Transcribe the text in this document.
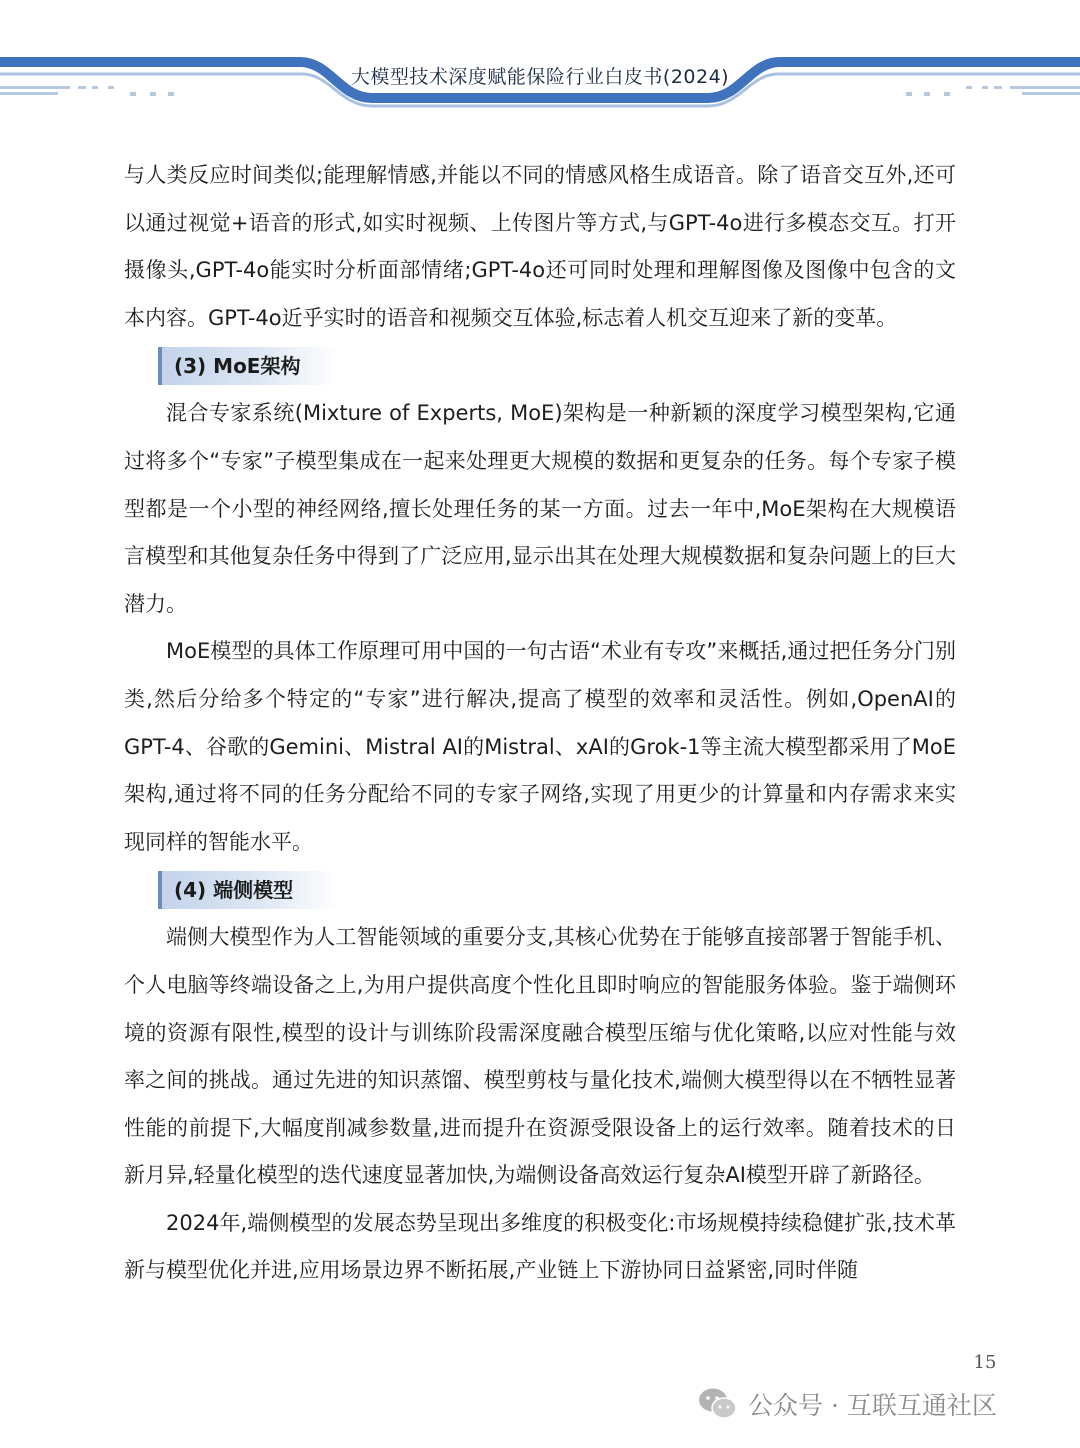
大模型技术深度赋能保险行业白皮书(2024)

与人类反应时间类似;能理解情感,并能以不同的情感风格生成语音。除了语音交互外,还可以通过视觉+语音的形式,如实时视频、上传图片等方式,与GPT-4o进行多模态交互。打开摄像头,GPT-4o能实时分析面部情绪;GPT-4o还可同时处理和理解图像及图像中包含的文本内容。GPT-4o近乎实时的语音和视频交互体验,标志着人机交互迎来了新的变革。

(3) MoE架构

混合专家系统(Mixture of Experts, MoE)架构是一种新颖的深度学习模型架构,它通过将多个“专家”子模型集成在一起来处理更大规模的数据和更复杂的任务。每个专家子模型都是一个小型的神经网络,擅长处理任务的某一方面。过去一年中,MoE架构在大规模语言模型和其他复杂任务中得到了广泛应用,显示出其在处理大规模数据和复杂问题上的巨大潜力。

MoE模型的具体工作原理可用中国的一句古语“术业有专攻”来概括,通过把任务分门别类,然后分给多个特定的“专家”进行解决,提高了模型的效率和灵活性。例如,OpenAI的GPT-4、谷歌的Gemini、Mistral AI的Mistral、xAI的Grok-1等主流大模型都采用了MoE架构,通过将不同的任务分配给不同的专家子网络,实现了用更少的计算量和内存需求来实现同样的智能水平。

(4) 端侧模型

端侧大模型作为人工智能领域的重要分支,其核心优势在于能够直接部署于智能手机、个人电脑等终端设备之上,为用户提供高度个性化且即时响应的智能服务体验。鉴于端侧环境的资源有限性,模型的设计与训练阶段需深度融合模型压缩与优化策略,以应对性能与效率之间的挑战。通过先进的知识蒸馏、模型剪枝与量化技术,端侧大模型得以在不牺牲显著性能的前提下,大幅度削减参数量,进而提升在资源受限设备上的运行效率。随着技术的日新月异,轻量化模型的迭代速度显著加快,为端侧设备高效运行复杂AI模型开辟了新路径。

2024年,端侧模型的发展态势呈现出多维度的积极变化:市场规模持续稳健扩张,技术革新与模型优化并进,应用场景边界不断拓展,产业链上下游协同日益紧密,同时伴随

15
公众号 · 互联互通社区
